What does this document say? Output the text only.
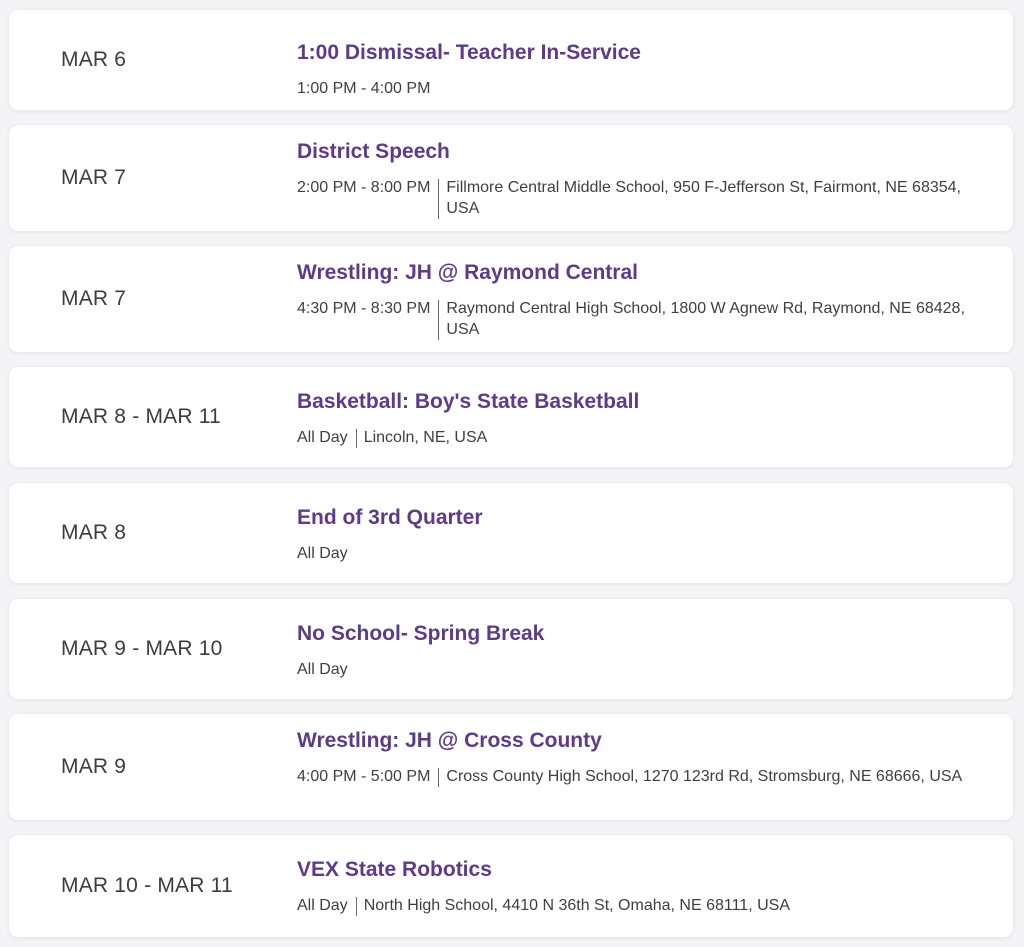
MAR 6	1:00 Dismissal- Teacher In-Service
1:00 PM - 4:00 PM
MAR 7
District Speech
2:00 PM - 8:00 PM Fillmore Central Middle School, 950 F-Jefferson St, Fairmont, NE 68354, USA
MAR 7
Wrestling: JH @ Raymond Central
4:30 PM - 8:30 PM Raymond Central High School, 1800 W Agnew Rd, Raymond, NE 68428, USA
MAR 8 - MAR 11
Basketball: Boy's State Basketball
All Day Lincoln, NE, USA
MAR 8
End of 3rd Quarter
All Day
MAR 9 - MAR 10
No School- Spring Break
All Day
MAR 9
Wrestling: JH @ Cross County
4:00 PM - 5:00 PM Cross County High School, 1270 123rd Rd, Stromsburg, NE 68666, USA
MAR 10 - MAR 11
VEX State Robotics
All Day North High School, 4410 N 36th St, Omaha, NE 68111, USA
